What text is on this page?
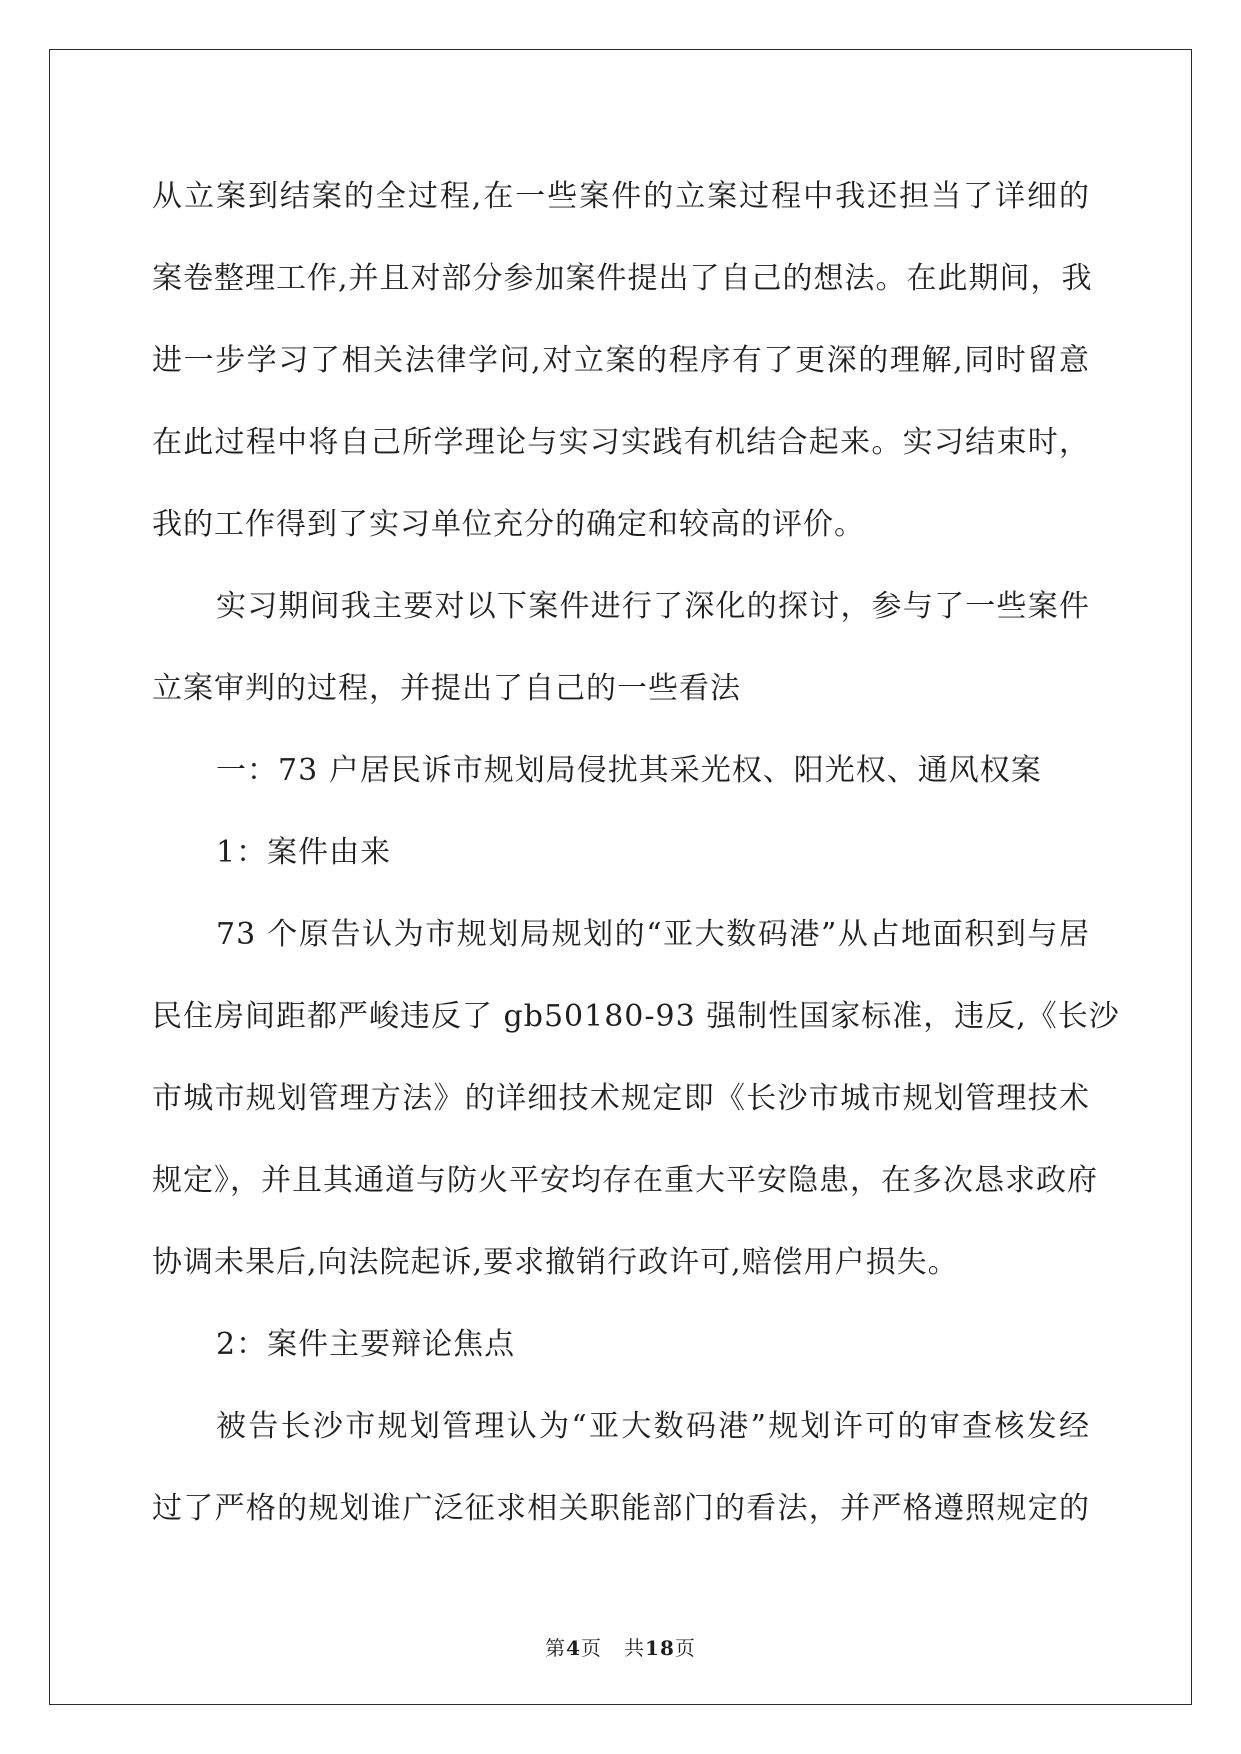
从立案到结案的全过程,在一些案件的立案过程中我还担当了详细的
案卷整理工作,并且对部分参加案件提出了自己的想法。在此期间，我
进一步学习了相关法律学问,对立案的程序有了更深的理解,同时留意
在此过程中将自己所学理论与实习实践有机结合起来。实习结束时，
我的工作得到了实习单位充分的确定和较高的评价。
实习期间我主要对以下案件进行了深化的探讨，参与了一些案件
立案审判的过程，并提出了自己的一些看法
一：73 户居民诉市规划局侵扰其采光权、阳光权、通风权案
1：案件由来
73 个原告认为市规划局规划的“亚大数码港”从占地面积到与居
民住房间距都严峻违反了 gb50180-93 强制性国家标准，违反,《长沙
市城市规划管理方法》的详细技术规定即《长沙市城市规划管理技术
规定》，并且其通道与防火平安均存在重大平安隐患，在多次恳求政府
协调未果后,向法院起诉,要求撤销行政许可,赔偿用户损失。
2：案件主要辩论焦点
被告长沙市规划管理认为“亚大数码港”规划许可的审查核发经
过了严格的规划谁广泛征求相关职能部门的看法，并严格遵照规定的
第4页 共18页
